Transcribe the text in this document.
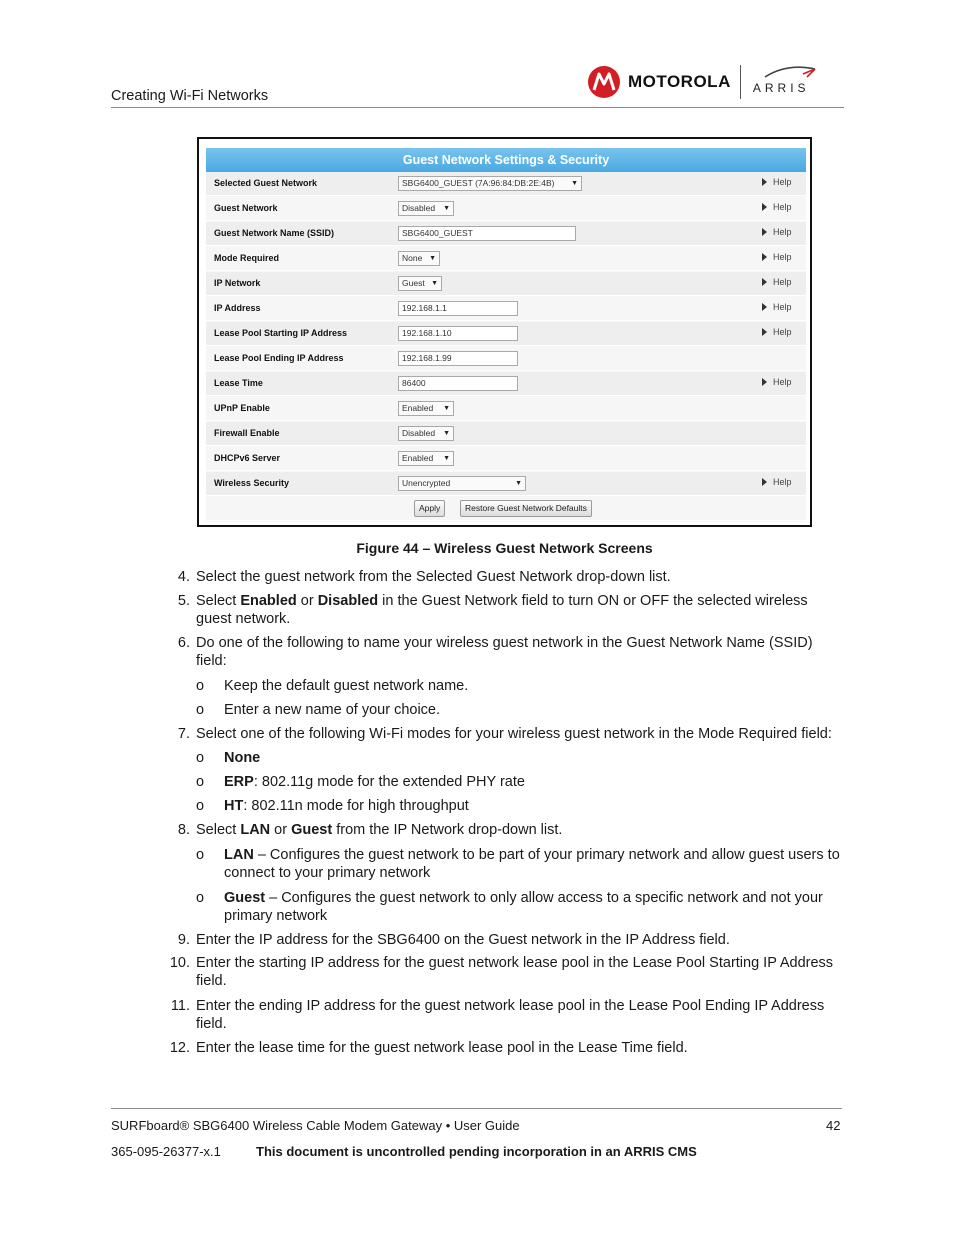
Creating Wi-Fi Networks
MOTOROLA ARRIS
Guest Network Settings & Security
Selected Guest Network	SBG6400_GUEST (7A:96:84:DB:2E:4B) ▼	Help
Guest Network	Disabled ▼	Help
Guest Network Name (SSID)	SBG6400_GUEST	Help
Mode Required	None ▼	Help
IP Network	Guest ▼	Help
IP Address	192.168.1.1	Help
Lease Pool Starting IP Address	192.168.1.10	Help
Lease Pool Ending IP Address	192.168.1.99
Lease Time	86400	Help
UPnP Enable	Enabled ▼
Firewall Enable	Disabled ▼
DHCPv6 Server	Enabled ▼
Wireless Security	Unencrypted	▼	Help
Apply	Restore Guest Network Defaults
Figure 44 – Wireless Guest Network Screens
4. Select the guest network from the Selected Guest Network drop-down list.
5. Select Enabled or Disabled in the Guest Network field to turn ON or OFF the selected wireless guest network.
6. Do one of the following to name your wireless guest network in the Guest Network Name (SSID) field:
o Keep the default guest network name.
o Enter a new name of your choice.
7. Select one of the following Wi-Fi modes for your wireless guest network in the Mode Required field:
o None
o ERP: 802.11g mode for the extended PHY rate
o HT: 802.11n mode for high throughput
8. Select LAN or Guest from the IP Network drop-down list.
o LAN – Configures the guest network to be part of your primary network and allow guest users to connect to your primary network
o Guest – Configures the guest network to only allow access to a specific network and not your primary network
9. Enter the IP address for the SBG6400 on the Guest network in the IP Address field.
10. Enter the starting IP address for the guest network lease pool in the Lease Pool Starting IP Address field.
11. Enter the ending IP address for the guest network lease pool in the Lease Pool Ending IP Address field.
12. Enter the lease time for the guest network lease pool in the Lease Time field.
SURFboard® SBG6400 Wireless Cable Modem Gateway • User Guide	42
365-095-26377-x.1	This document is uncontrolled pending incorporation in an ARRIS CMS
